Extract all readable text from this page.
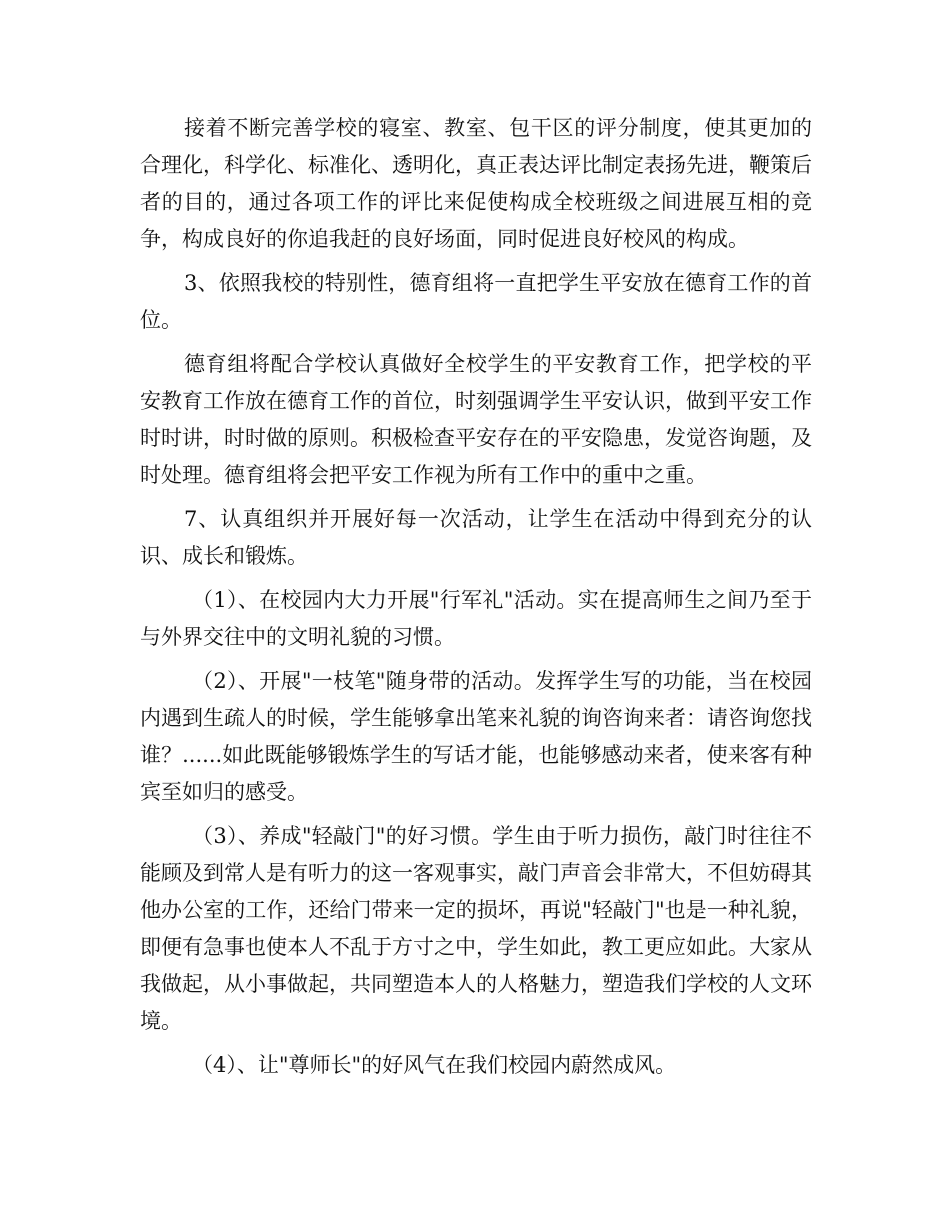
接着不断完善学校的寝室、教室、包干区的评分制度，使其更加的合理化，科学化、标准化、透明化，真正表达评比制定表扬先进，鞭策后者的目的，通过各项工作的评比来促使构成全校班级之间进展互相的竞争，构成良好的你追我赶的良好场面，同时促进良好校风的构成。

3、依照我校的特别性，德育组将一直把学生平安放在德育工作的首位。

德育组将配合学校认真做好全校学生的平安教育工作，把学校的平安教育工作放在德育工作的首位，时刻强调学生平安认识，做到平安工作时时讲，时时做的原则。积极检查平安存在的平安隐患，发觉咨询题，及时处理。德育组将会把平安工作视为所有工作中的重中之重。

7、认真组织并开展好每一次活动，让学生在活动中得到充分的认识、成长和锻炼。

（1）、在校园内大力开展"行军礼"活动。实在提高师生之间乃至于与外界交往中的文明礼貌的习惯。

（2）、开展"一枝笔"随身带的活动。发挥学生写的功能，当在校园内遇到生疏人的时候，学生能够拿出笔来礼貌的询咨询来者：请咨询您找谁？......如此既能够锻炼学生的写话才能，也能够感动来者，使来客有种宾至如归的感受。

（3）、养成"轻敲门"的好习惯。学生由于听力损伤，敲门时往往不能顾及到常人是有听力的这一客观事实，敲门声音会非常大，不但妨碍其他办公室的工作，还给门带来一定的损坏，再说"轻敲门"也是一种礼貌，即便有急事也使本人不乱于方寸之中，学生如此，教工更应如此。大家从我做起，从小事做起，共同塑造本人的人格魅力，塑造我们学校的人文环境。

（4）、让"尊师长"的好风气在我们校园内蔚然成风。
